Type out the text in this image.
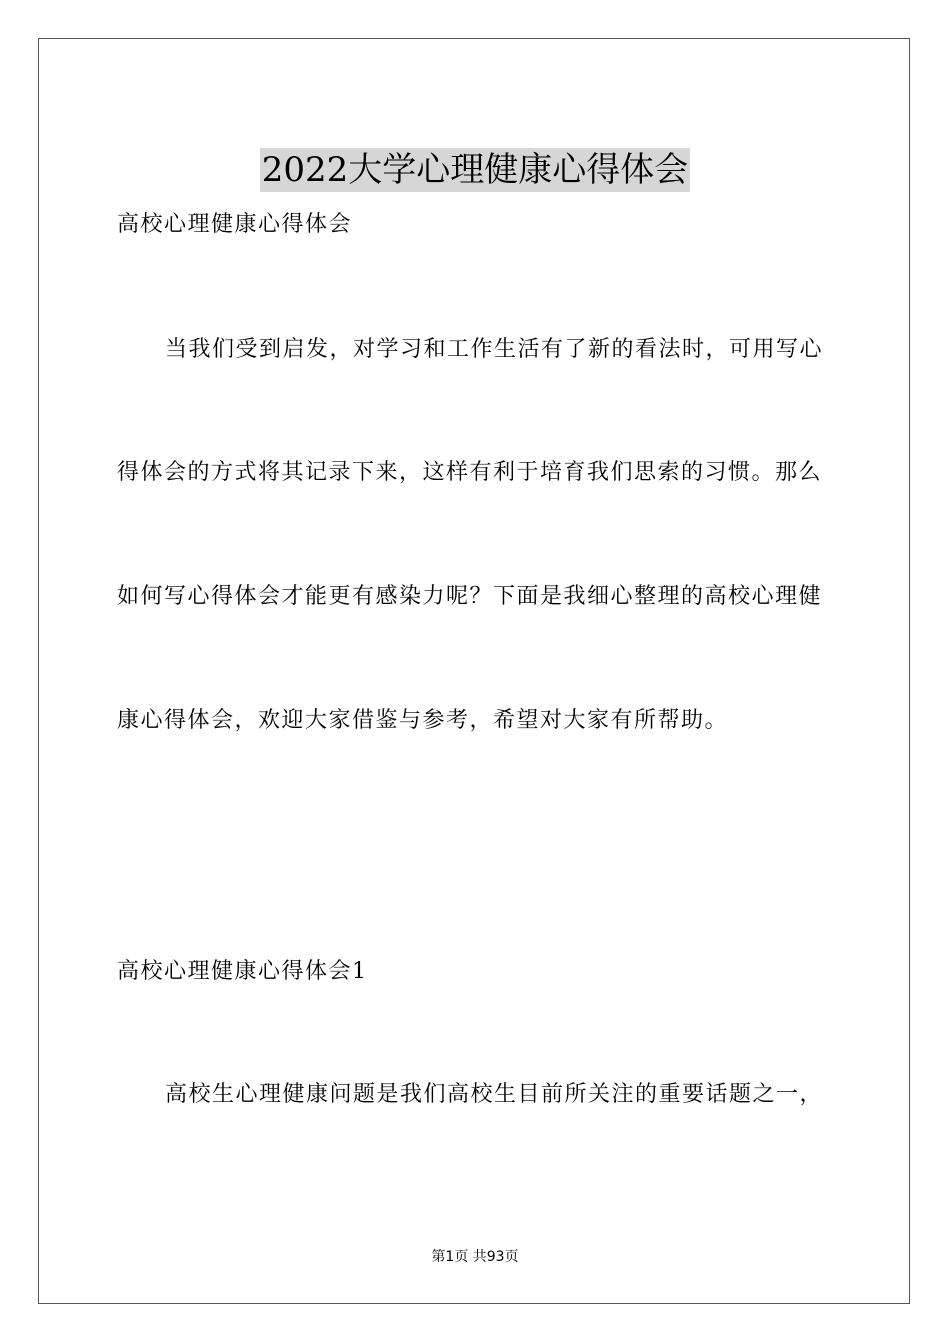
2022大学心理健康心得体会
高校心理健康心得体会
当我们受到启发，对学习和工作生活有了新的看法时，可用写心
得体会的方式将其记录下来，这样有利于培育我们思索的习惯。那么
如何写心得体会才能更有感染力呢？下面是我细心整理的高校心理健
康心得体会，欢迎大家借鉴与参考，希望对大家有所帮助。
高校心理健康心得体会1
高校生心理健康问题是我们高校生目前所关注的重要话题之一，
第1页 共93页
